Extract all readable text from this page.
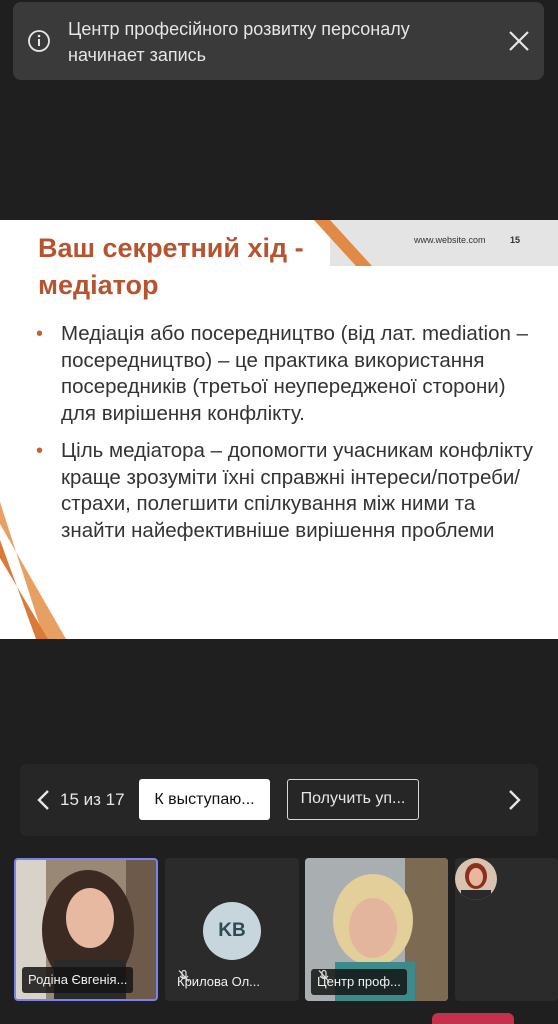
Центр професійного розвитку персоналу начинает запись
Ваш секретний хід - медіатор
www.website.com	15
• Медіація або посередництво (від лат. mediation – посередництво) – це практика використання посередників (третьої неупередженої сторони) для вирішення конфлікту.
• Ціль медіатора – допомогти учасникам конфлікту краще зрозуміти їхні справжні інтереси/потреби/страхи, полегшити спілкування між ними та знайти найефективніше вирішення проблеми
15 из 17	К выступаю...	Получить уп...
Родіна Євгенія...
KB
Крилова Ол...	Центр проф...
